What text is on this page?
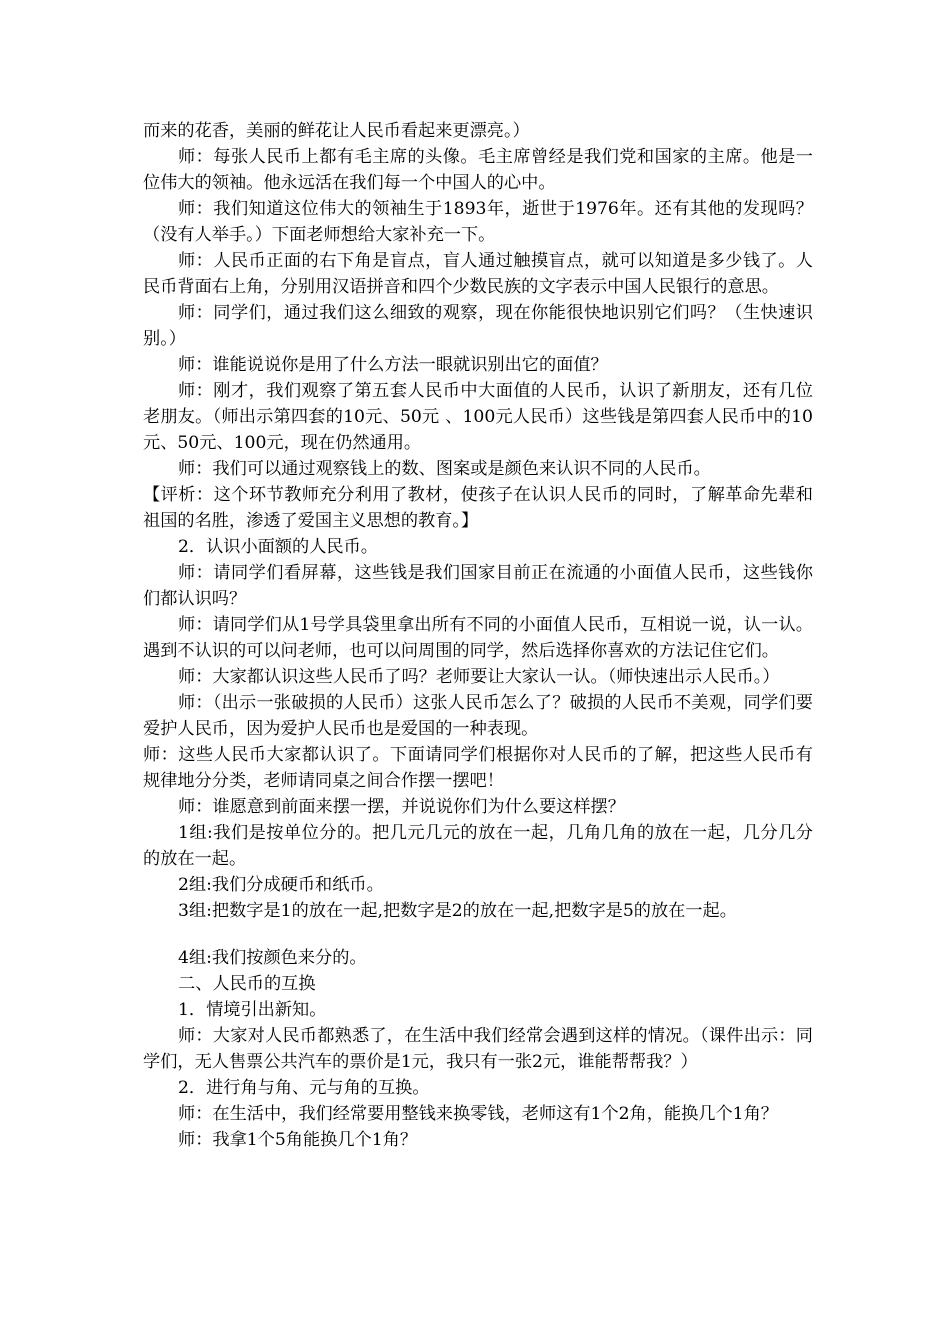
而来的花香，美丽的鲜花让人民币看起来更漂亮。）

师：每张人民币上都有毛主席的头像。毛主席曾经是我们党和国家的主席。他是一位伟大的领袖。他永远活在我们每一个中国人的心中。

师：我们知道这位伟大的领袖生于1893年，逝世于1976年。还有其他的发现吗？（没有人举手。）下面老师想给大家补充一下。

师：人民币正面的右下角是盲点，盲人通过触摸盲点，就可以知道是多少钱了。人民币背面右上角，分别用汉语拼音和四个少数民族的文字表示中国人民银行的意思。

师：同学们，通过我们这么细致的观察，现在你能很快地识别它们吗？（生快速识别。）

师：谁能说说你是用了什么方法一眼就识别出它的面值？

师：刚才，我们观察了第五套人民币中大面值的人民币，认识了新朋友，还有几位老朋友。（师出示第四套的10元、50元 、100元人民币）这些钱是第四套人民币中的10元、50元、100元，现在仍然通用。

师：我们可以通过观察钱上的数、图案或是颜色来认识不同的人民币。

【评析：这个环节教师充分利用了教材，使孩子在认识人民币的同时，了解革命先辈和祖国的名胜，渗透了爱国主义思想的教育。】

2．认识小面额的人民币。

师：请同学们看屏幕，这些钱是我们国家目前正在流通的小面值人民币，这些钱你们都认识吗？

师：请同学们从1号学具袋里拿出所有不同的小面值人民币，互相说一说，认一认。遇到不认识的可以问老师，也可以问周围的同学，然后选择你喜欢的方法记住它们。

师：大家都认识这些人民币了吗？老师要让大家认一认。（师快速出示人民币。）

师：（出示一张破损的人民币）这张人民币怎么了？破损的人民币不美观，同学们要爱护人民币，因为爱护人民币也是爱国的一种表现。

师：这些人民币大家都认识了。下面请同学们根据你对人民币的了解，把这些人民币有规律地分分类，老师请同桌之间合作摆一摆吧！

师：谁愿意到前面来摆一摆，并说说你们为什么要这样摆？

1组:我们是按单位分的。把几元几元的放在一起，几角几角的放在一起，几分几分的放在一起。

2组:我们分成硬币和纸币。

3组:把数字是1的放在一起,把数字是2的放在一起,把数字是5的放在一起。

4组:我们按颜色来分的。

二、人民币的互换

1．情境引出新知。

师：大家对人民币都熟悉了，在生活中我们经常会遇到这样的情况。（课件出示：同学们，无人售票公共汽车的票价是1元，我只有一张2元，谁能帮帮我？）

2．进行角与角、元与角的互换。

师：在生活中，我们经常要用整钱来换零钱，老师这有1个2角，能换几个1角？

师：我拿1个5角能换几个1角？
